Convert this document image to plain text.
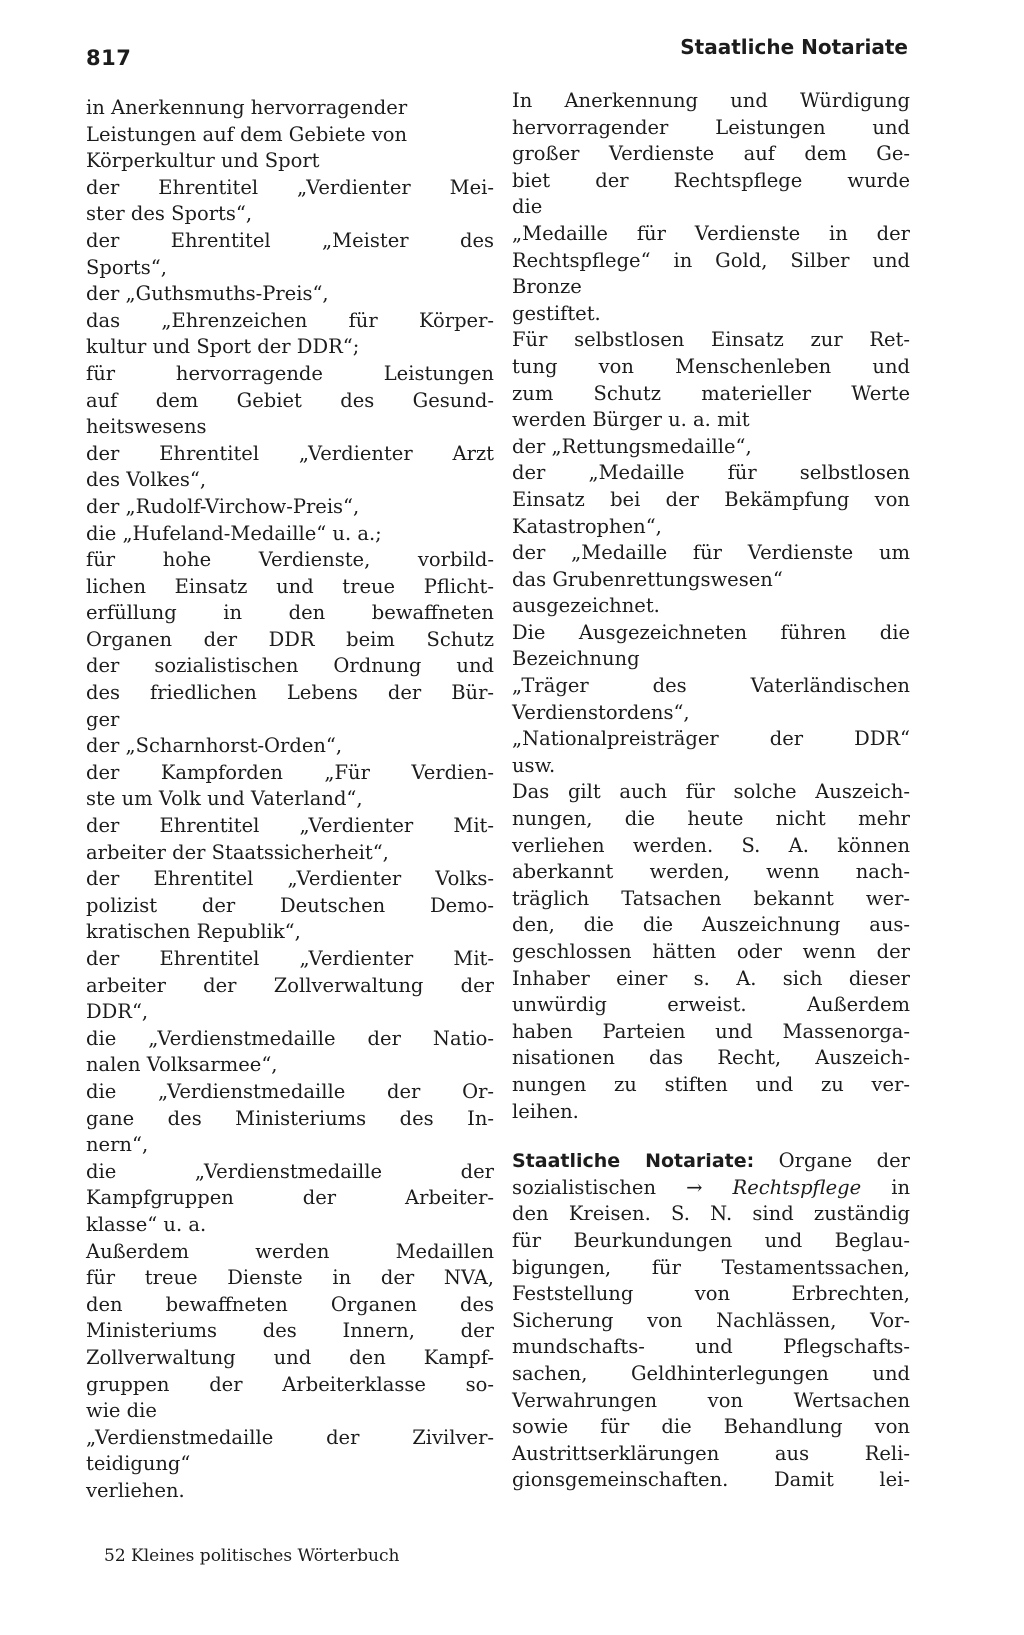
817	Staatliche Notariate
in Anerkennung hervorragender
Leistungen auf dem Gebiete von
Körperkultur und Sport
der Ehrentitel „Verdienter Mei-
ster des Sports“,
der Ehrentitel „Meister des
Sports“,
der „Guthsmuths-Preis“,
das „Ehrenzeichen für Körper-
kultur und Sport der DDR“;
für hervorragende Leistungen
auf dem Gebiet des Gesund-
heitswesens
der Ehrentitel „Verdienter Arzt
des Volkes“,
der „Rudolf-Virchow-Preis“,
die „Hufeland-Medaille“ u. a.;
für hohe Verdienste, vorbild-
lichen Einsatz und treue Pflicht-
erfüllung in den bewaffneten
Organen der DDR beim Schutz
der sozialistischen Ordnung und
des friedlichen Lebens der Bür-
ger
der „Scharnhorst-Orden“,
der Kampforden „Für Verdien-
ste um Volk und Vaterland“,
der Ehrentitel „Verdienter Mit-
arbeiter der Staatssicherheit“,
der Ehrentitel „Verdienter Volks-
polizist der Deutschen Demo-
kratischen Republik“,
der Ehrentitel „Verdienter Mit-
arbeiter der Zollverwaltung der
DDR“,
die „Verdienstmedaille der Natio-
nalen Volksarmee“,
die „Verdienstmedaille der Or-
gane des Ministeriums des In-
nern“,
die „Verdienstmedaille der
Kampfgruppen der Arbeiter-
klasse“ u. a.
Außerdem werden Medaillen
für treue Dienste in der NVA,
den bewaffneten Organen des
Ministeriums des Innern, der
Zollverwaltung und den Kampf-
gruppen der Arbeiterklasse so-
wie die
„Verdienstmedaille der Zivilver-
teidigung“
verliehen.
In Anerkennung und Würdigung
hervorragender Leistungen und
großer Verdienste auf dem Ge-
biet der Rechtspflege wurde
die
„Medaille für Verdienste in der
Rechtspflege“ in Gold, Silber und
Bronze
gestiftet.
Für selbstlosen Einsatz zur Ret-
tung von Menschenleben und
zum Schutz materieller Werte
werden Bürger u. a. mit
der „Rettungsmedaille“,
der „Medaille für selbstlosen
Einsatz bei der Bekämpfung von
Katastrophen“,
der „Medaille für Verdienste um
das Grubenrettungswesen“
ausgezeichnet.
Die Ausgezeichneten führen die
Bezeichnung
„Träger des Vaterländischen
Verdienstordens“,
„Nationalpreisträger der DDR“
usw.
Das gilt auch für solche Auszeich-
nungen, die heute nicht mehr
verliehen werden. S. A. können
aberkannt werden, wenn nach-
träglich Tatsachen bekannt wer-
den, die die Auszeichnung aus-
geschlossen hätten oder wenn der
Inhaber einer s. A. sich dieser
unwürdig erweist. Außerdem
haben Parteien und Massenorga-
nisationen das Recht, Auszeich-
nungen zu stiften und zu ver-
leihen.
Staatliche Notariate: Organe der
sozialistischen → Rechtspflege in
den Kreisen. S. N. sind zuständig
für Beurkundungen und Beglau-
bigungen, für Testamentssachen,
Feststellung von Erbrechten,
Sicherung von Nachlässen, Vor-
mundschafts- und Pflegschafts-
sachen, Geldhinterlegungen und
Verwahrungen von Wertsachen
sowie für die Behandlung von
Austrittserklärungen aus Reli-
gionsgemeinschaften. Damit lei-
52 Kleines politisches Wörterbuch
